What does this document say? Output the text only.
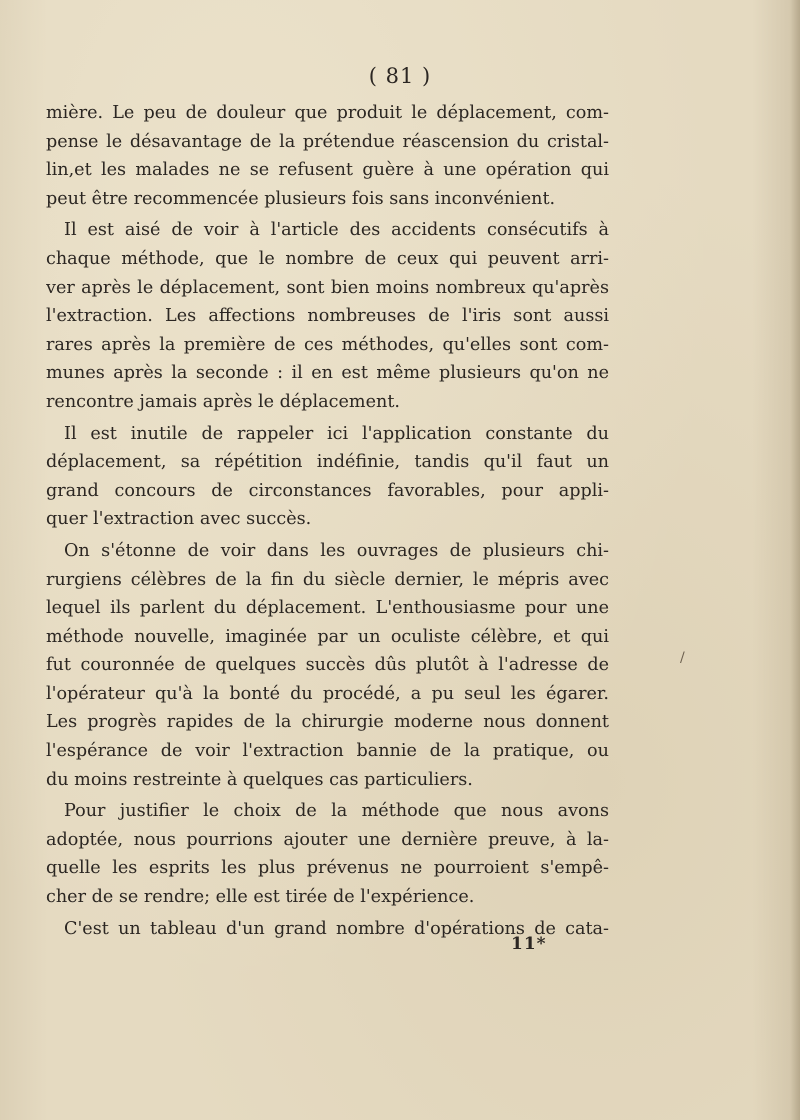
( 81 )
mière. Le peu de douleur que produit le déplacement, com-
pense le désavantage de la prétendue réascension du cristal-
lin,et les malades ne se refusent guère à une opération qui
peut être recommencée plusieurs fois sans inconvénient.
Il est aisé de voir à l'article des accidents consécutifs à
chaque méthode, que le nombre de ceux qui peuvent arri-
ver après le déplacement, sont bien moins nombreux qu'après
l'extraction. Les affections nombreuses de l'iris sont aussi
rares après la première de ces méthodes, qu'elles sont com-
munes après la seconde : il en est même plusieurs qu'on ne
rencontre jamais après le déplacement.
Il est inutile de rappeler ici l'application constante du
déplacement, sa répétition indéfinie, tandis qu'il faut un
grand concours de circonstances favorables, pour appli-
quer l'extraction avec succès.
On s'étonne de voir dans les ouvrages de plusieurs chi-
rurgiens célèbres de la fin du siècle dernier, le mépris avec
lequel ils parlent du déplacement. L'enthousiasme pour une
méthode nouvelle, imaginée par un oculiste célèbre, et qui
fut couronnée de quelques succès dûs plutôt à l'adresse de
l'opérateur qu'à la bonté du procédé, a pu seul les égarer.
Les progrès rapides de la chirurgie moderne nous donnent
l'espérance de voir l'extraction bannie de la pratique, ou
du moins restreinte à quelques cas particuliers.
Pour justifier le choix de la méthode que nous avons
adoptée, nous pourrions ajouter une dernière preuve, à la-
quelle les esprits les plus prévenus ne pourroient s'empê-
cher de se rendre; elle est tirée de l'expérience.
C'est un tableau d'un grand nombre d'opérations de cata-
/
11*
